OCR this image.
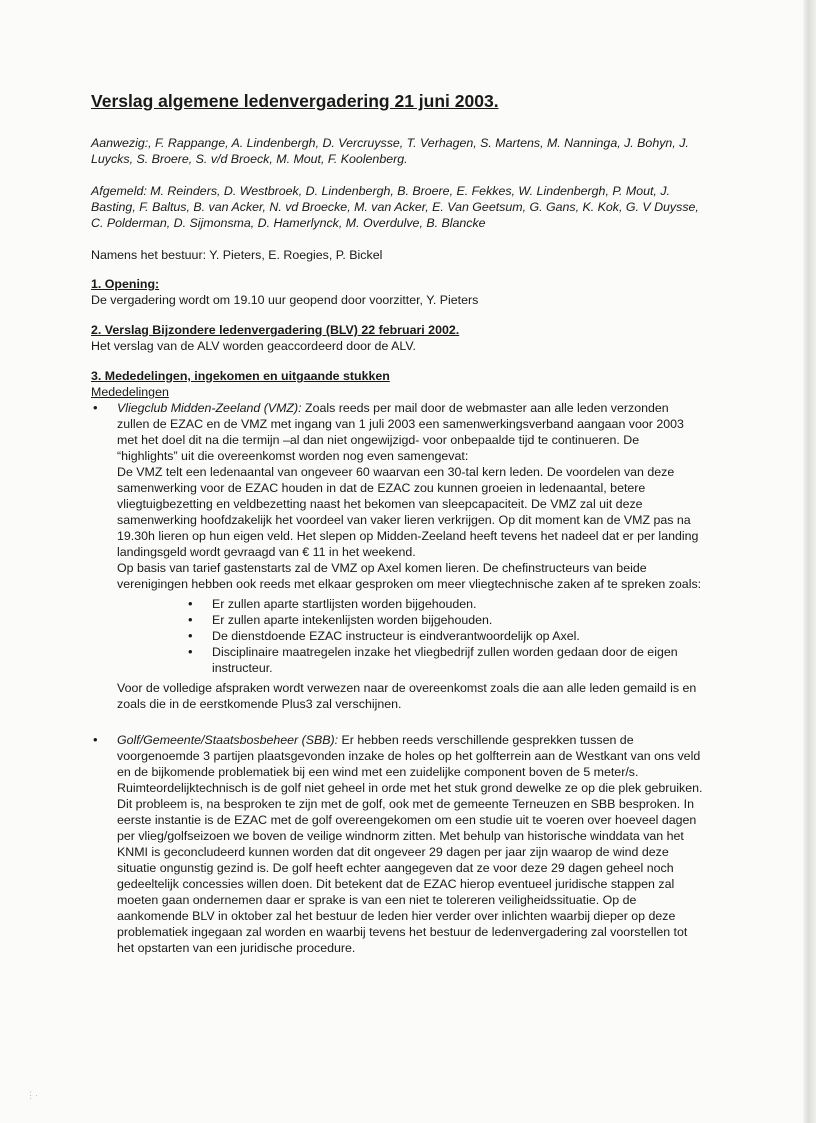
Verslag algemene ledenvergadering 21 juni 2003.

Aanwezig:, F. Rappange, A. Lindenbergh, D. Vercruysse, T. Verhagen, S. Martens, M. Nanninga, J. Bohyn, J. Luycks, S. Broere, S. v/d Broeck, M. Mout, F. Koolenberg.

Afgemeld: M. Reinders, D. Westbroek, D. Lindenbergh, B. Broere, E. Fekkes, W. Lindenbergh, P. Mout, J. Basting, F. Baltus, B. van Acker, N. vd Broecke, M. van Acker, E. Van Geetsum, G. Gans, K. Kok, G. V Duysse, C. Polderman, D. Sijmonsma, D. Hamerlynck, M. Overdulve, B. Blancke

Namens het bestuur: Y. Pieters, E. Roegies, P. Bickel

1. Opening:

De vergadering wordt om 19.10 uur geopend door voorzitter, Y. Pieters

2. Verslag Bijzondere ledenvergadering (BLV) 22 februari 2002.

Het verslag van de ALV worden geaccordeerd door de ALV.

3. Mededelingen, ingekomen en uitgaande stukken
Mededelingen

• Vliegclub Midden-Zeeland (VMZ): Zoals reeds per mail door de webmaster aan alle leden verzonden zullen de EZAC en de VMZ met ingang van 1 juli 2003 een samenwerkingsverband aangaan voor 2003 met het doel dit na die termijn –al dan niet ongewijzigd- voor onbepaalde tijd te continueren. De “highlights” uit die overeenkomst worden nog even samengevat:

De VMZ telt een ledenaantal van ongeveer 60 waarvan een 30-tal kern leden. De voordelen van deze samenwerking voor de EZAC houden in dat de EZAC zou kunnen groeien in ledenaantal, betere vliegtuigbezetting en veldbezetting naast het bekomen van sleepcapaciteit. De VMZ zal uit deze samenwerking hoofdzakelijk het voordeel van vaker lieren verkrijgen. Op dit moment kan de VMZ pas na 19.30h lieren op hun eigen veld. Het slepen op Midden-Zeeland heeft tevens het nadeel dat er per landing landingsgeld wordt gevraagd van € 11 in het weekend.

Op basis van tarief gastenstarts zal de VMZ op Axel komen lieren. De chefinstructeurs van beide verenigingen hebben ook reeds met elkaar gesproken om meer vliegtechnische zaken af te spreken zoals:

• Er zullen aparte startlijsten worden bijgehouden.
• Er zullen aparte intekenlijsten worden bijgehouden.
• De dienstdoende EZAC instructeur is eindverantwoordelijk op Axel.
• Disciplinaire maatregelen inzake het vliegbedrijf zullen worden gedaan door de eigen instructeur.

Voor de volledige afspraken wordt verwezen naar de overeenkomst zoals die aan alle leden gemaild is en zoals die in de eerstkomende Plus3 zal verschijnen.

• Golf/Gemeente/Staatsbosbeheer (SBB): Er hebben reeds verschillende gesprekken tussen de voorgenoemde 3 partijen plaatsgevonden inzake de holes op het golfterrein aan de Westkant van ons veld en de bijkomende problematiek bij een wind met een zuidelijke component boven de 5 meter/s. Ruimteordelijktechnisch is de golf niet geheel in orde met het stuk grond dewelke ze op die plek gebruiken. Dit probleem is, na besproken te zijn met de golf, ook met de gemeente Terneuzen en SBB besproken. In eerste instantie is de EZAC met de golf overeengekomen om een studie uit te voeren over hoeveel dagen per vlieg/golfseizoen we boven de veilige windnorm zitten. Met behulp van historische winddata van het KNMI is geconcludeerd kunnen worden dat dit ongeveer 29 dagen per jaar zijn waarop de wind deze situatie ongunstig gezind is. De golf heeft echter aangegeven dat ze voor deze 29 dagen geheel noch gedeeltelijk concessies willen doen. Dit betekent dat de EZAC hierop eventueel juridische stappen zal moeten gaan ondernemen daar er sprake is van een niet te tolereren veiligheidssituatie. Op de aankomende BLV in oktober zal het bestuur de leden hier verder over inlichten waarbij dieper op deze problematiek ingegaan zal worden en waarbij tevens het bestuur de ledenvergadering zal voorstellen tot het opstarten van een juridische procedure.

⋮·
